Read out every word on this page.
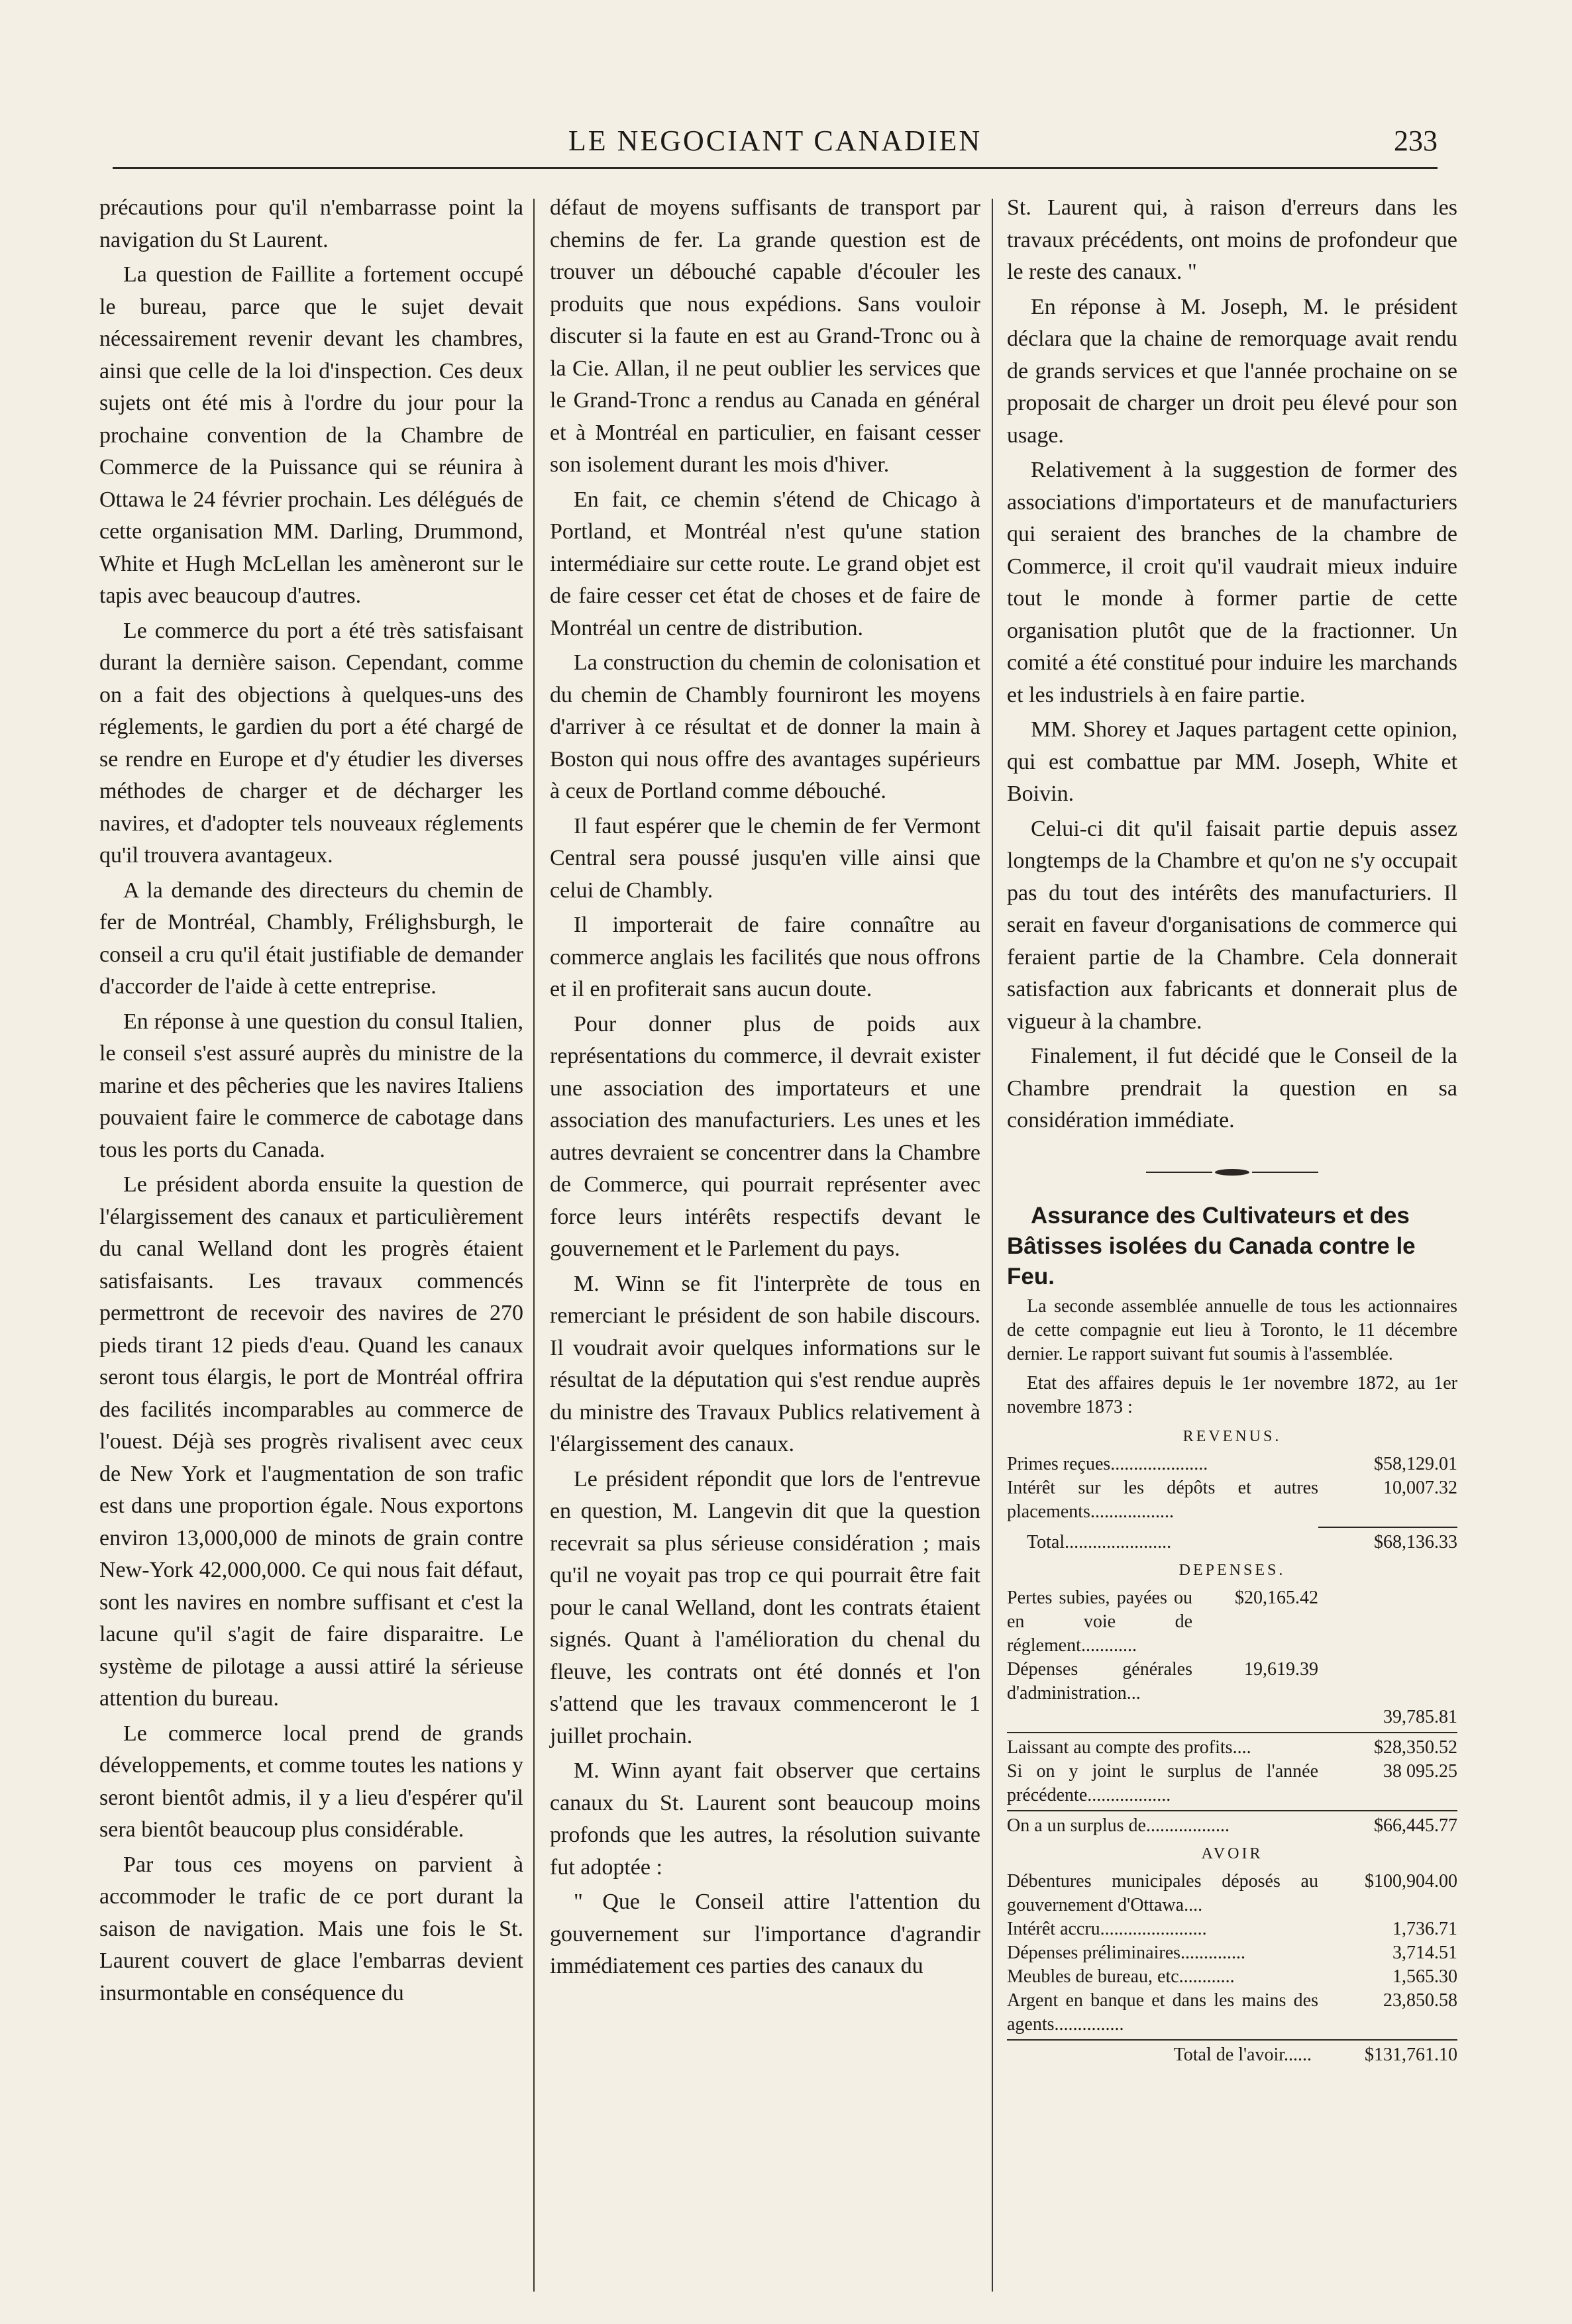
LE NEGOCIANT CANADIEN	233

précautions pour qu'il n'embarrasse point la navigation du St Laurent.

La question de Faillite a fortement occupé le bureau, parce que le sujet devait nécessairement revenir devant les chambres, ainsi que celle de la loi d'inspection. Ces deux sujets ont été mis à l'ordre du jour pour la prochaine convention de la Chambre de Commerce de la Puissance qui se réunira à Ottawa le 24 février prochain. Les délégués de cette organisation MM. Darling, Drummond, White et Hugh McLellan les amèneront sur le tapis avec beaucoup d'autres.

Le commerce du port a été très satisfaisant durant la dernière saison. Cependant, comme on a fait des objections à quelques-uns des réglements, le gardien du port a été chargé de se rendre en Europe et d'y étudier les diverses méthodes de charger et de décharger les navires, et d'adopter tels nouveaux réglements qu'il trouvera avantageux.

A la demande des directeurs du chemin de fer de Montréal, Chambly, Frélighsburgh, le conseil a cru qu'il était justifiable de demander d'accorder de l'aide à cette entreprise.

En réponse à une question du consul Italien, le conseil s'est assuré auprès du ministre de la marine et des pêcheries que les navires Italiens pouvaient faire le commerce de cabotage dans tous les ports du Canada.

Le président aborda ensuite la question de l'élargissement des canaux et particulièrement du canal Welland dont les progrès étaient satisfaisants. Les travaux commencés permettront de recevoir des navires de 270 pieds tirant 12 pieds d'eau. Quand les canaux seront tous élargis, le port de Montréal offrira des facilités incomparables au commerce de l'ouest. Déjà ses progrès rivalisent avec ceux de New York et l'augmentation de son trafic est dans une proportion égale. Nous exportons environ 13,000,000 de minots de grain contre New-York 42,000,000. Ce qui nous fait défaut, sont les navires en nombre suffisant et c'est la lacune qu'il s'agit de faire disparaitre. Le système de pilotage a aussi attiré la sérieuse attention du bureau.

Le commerce local prend de grands développements, et comme toutes les nations y seront bientôt admis, il y a lieu d'espérer qu'il sera bientôt beaucoup plus considérable.

Par tous ces moyens on parvient à accommoder le trafic de ce port durant la saison de navigation. Mais une fois le St. Laurent couvert de glace l'embarras devient insurmontable en conséquence du

défaut de moyens suffisants de transport par chemins de fer. La grande question est de trouver un débouché capable d'écouler les produits que nous expédions. Sans vouloir discuter si la faute en est au Grand-Tronc ou à la Cie. Allan, il ne peut oublier les services que le Grand-Tronc a rendus au Canada en général et à Montréal en particulier, en faisant cesser son isolement durant les mois d'hiver.

En fait, ce chemin s'étend de Chicago à Portland, et Montréal n'est qu'une station intermédiaire sur cette route. Le grand objet est de faire cesser cet état de choses et de faire de Montréal un centre de distribution.

La construction du chemin de colonisation et du chemin de Chambly fourniront les moyens d'arriver à ce résultat et de donner la main à Boston qui nous offre des avantages supérieurs à ceux de Portland comme débouché.

Il faut espérer que le chemin de fer Vermont Central sera poussé jusqu'en ville ainsi que celui de Chambly.

Il importerait de faire connaître au commerce anglais les facilités que nous offrons et il en profiterait sans aucun doute.

Pour donner plus de poids aux représentations du commerce, il devrait exister une association des importateurs et une association des manufacturiers. Les unes et les autres devraient se concentrer dans la Chambre de Commerce, qui pourrait représenter avec force leurs intérêts respectifs devant le gouvernement et le Parlement du pays.

M. Winn se fit l'interprète de tous en remerciant le président de son habile discours. Il voudrait avoir quelques informations sur le résultat de la députation qui s'est rendue auprès du ministre des Travaux Publics relativement à l'élargissement des canaux.

Le président répondit que lors de l'entrevue en question, M. Langevin dit que la question recevrait sa plus sérieuse considération ; mais qu'il ne voyait pas trop ce qui pourrait être fait pour le canal Welland, dont les contrats étaient signés. Quant à l'amélioration du chenal du fleuve, les contrats ont été donnés et l'on s'attend que les travaux commenceront le 1 juillet prochain.

M. Winn ayant fait observer que certains canaux du St. Laurent sont beaucoup moins profonds que les autres, la résolution suivante fut adoptée :

" Que le Conseil attire l'attention du gouvernement sur l'importance d'agrandir immédiatement ces parties des canaux du

St. Laurent qui, à raison d'erreurs dans les travaux précédents, ont moins de profondeur que le reste des canaux. "

En réponse à M. Joseph, M. le président déclara que la chaine de remorquage avait rendu de grands services et que l'année prochaine on se proposait de charger un droit peu élevé pour son usage.

Relativement à la suggestion de former des associations d'importateurs et de manufacturiers qui seraient des branches de la chambre de Commerce, il croit qu'il vaudrait mieux induire tout le monde à former partie de cette organisation plutôt que de la fractionner. Un comité a été constitué pour induire les marchands et les industriels à en faire partie.

MM. Shorey et Jaques partagent cette opinion, qui est combattue par MM. Joseph, White et Boivin.

Celui-ci dit qu'il faisait partie depuis assez longtemps de la Chambre et qu'on ne s'y occupait pas du tout des intérêts des manufacturiers. Il serait en faveur d'organisations de commerce qui feraient partie de la Chambre. Cela donnerait satisfaction aux fabricants et donnerait plus de vigueur à la chambre.

Finalement, il fut décidé que le Conseil de la Chambre prendrait la question en sa considération immédiate.

Assurance des Cultivateurs et des Bâtisses isolées du Canada contre le Feu.

La seconde assemblée annuelle de tous les actionnaires de cette compagnie eut lieu à Toronto, le 11 décembre dernier. Le rapport suivant fut soumis à l'assemblée.

Etat des affaires depuis le 1er novembre 1872, au 1er novembre 1873 :

REVENUS.
Primes reçues.....................	$58,129.01
Intérêt sur les dépôts et autres placements..................
10,007.32
Total.......................	$68,136.33
DEPENSES.
Pertes subies, payées ou en voie de réglement............
$20,165.42
Dépenses générales d'administration...
19,619.39
39,785.81
Laissant au compte des profits....	$28,350.52
Si on y joint le surplus de l'année précédente..................
38 095.25
On a un surplus de..................	$66,445.77
AVOIR
Débentures municipales déposés au gouvernement d'Ottawa....
$100,904.00
Intérêt accru.......................	1,736.71
Dépenses préliminaires..............	3,714.51
Meubles de bureau, etc............	1,565.30
Argent en banque et dans les mains des agents...............
23,850.58
Total de l'avoir......	$131,761.10
